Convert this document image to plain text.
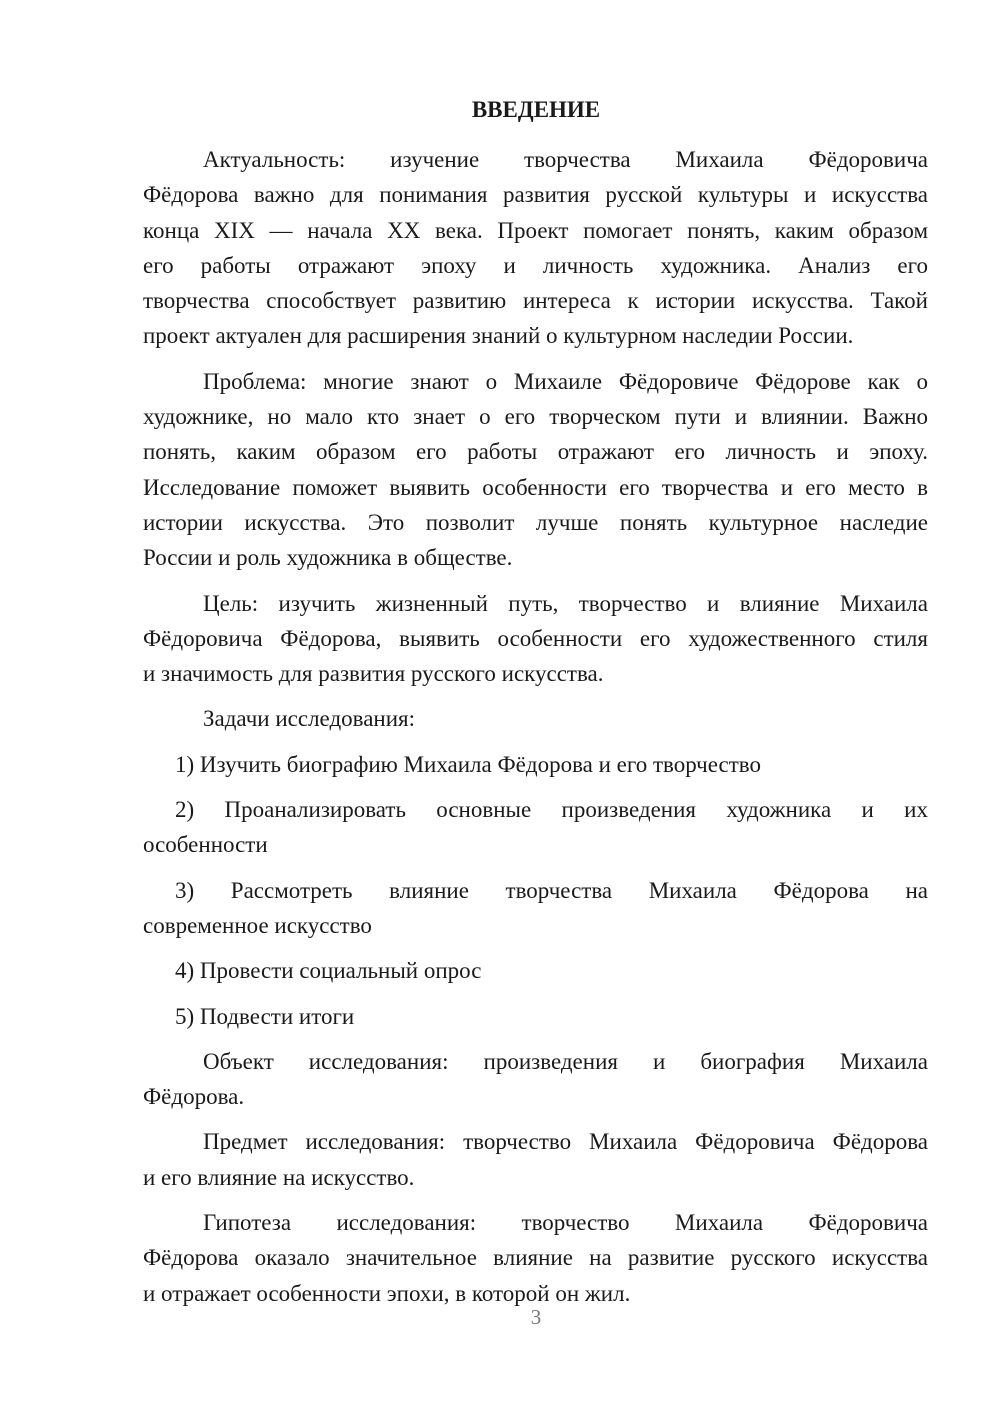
ВВЕДЕНИЕ
Актуальность: изучение творчества Михаила Фёдоровича
Фёдорова важно для понимания развития русской культуры и искусства
конца XIX — начала XX века. Проект помогает понять, каким образом
его работы отражают эпоху и личность художника. Анализ его
творчества способствует развитию интереса к истории искусства. Такой
проект актуален для расширения знаний о культурном наследии России.
Проблема: многие знают о Михаиле Фёдоровиче Фёдорове как о
художнике, но мало кто знает о его творческом пути и влиянии. Важно
понять, каким образом его работы отражают его личность и эпоху.
Исследование поможет выявить особенности его творчества и его место в
истории искусства. Это позволит лучше понять культурное наследие
России и роль художника в обществе.
Цель: изучить жизненный путь, творчество и влияние Михаила
Фёдоровича Фёдорова, выявить особенности его художественного стиля
и значимость для развития русского искусства.
Задачи исследования:
1) Изучить биографию Михаила Фёдорова и его творчество
2) Проанализировать основные произведения художника и их
особенности
3) Рассмотреть влияние творчества Михаила Фёдорова на
современное искусство
4) Провести социальный опрос
5) Подвести итоги
Объект исследования: произведения и биография Михаила
Фёдорова.
Предмет исследования: творчество Михаила Фёдоровича Фёдорова
и его влияние на искусство.
Гипотеза исследования: творчество Михаила Фёдоровича
Фёдорова оказало значительное влияние на развитие русского искусства
и отражает особенности эпохи, в которой он жил.
3
